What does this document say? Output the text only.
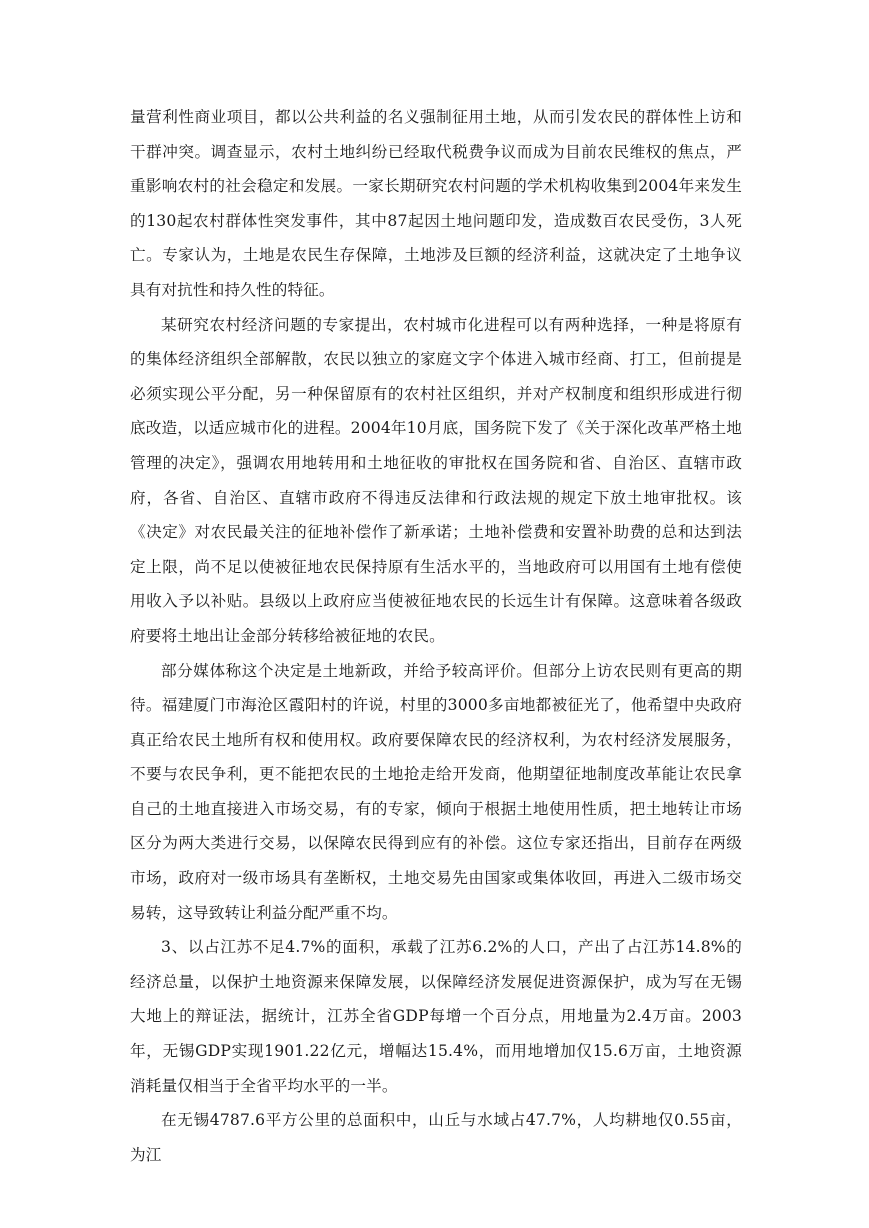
量营利性商业项目，都以公共利益的名义强制征用土地，从而引发农民的群体性上访和干群冲突。调查显示，农村土地纠纷已经取代税费争议而成为目前农民维权的焦点，严重影响农村的社会稳定和发展。一家长期研究农村问题的学术机构收集到2004年来发生的130起农村群体性突发事件，其中87起因土地问题印发，造成数百农民受伤，3人死亡。专家认为，土地是农民生存保障，土地涉及巨额的经济利益，这就决定了土地争议具有对抗性和持久性的特征。

某研究农村经济问题的专家提出，农村城市化进程可以有两种选择，一种是将原有的集体经济组织全部解散，农民以独立的家庭文字个体进入城市经商、打工，但前提是必须实现公平分配，另一种保留原有的农村社区组织，并对产权制度和组织形成进行彻底改造，以适应城市化的进程。2004年10月底，国务院下发了《关于深化改革严格土地管理的决定》，强调农用地转用和土地征收的审批权在国务院和省、自治区、直辖市政府，各省、自治区、直辖市政府不得违反法律和行政法规的规定下放土地审批权。该《决定》对农民最关注的征地补偿作了新承诺；土地补偿费和安置补助费的总和达到法定上限，尚不足以使被征地农民保持原有生活水平的，当地政府可以用国有土地有偿使用收入予以补贴。县级以上政府应当使被征地农民的长远生计有保障。这意味着各级政府要将土地出让金部分转移给被征地的农民。

部分媒体称这个决定是土地新政，并给予较高评价。但部分上访农民则有更高的期待。福建厦门市海沧区霞阳村的许说，村里的3000多亩地都被征光了，他希望中央政府真正给农民土地所有权和使用权。政府要保障农民的经济权利，为农村经济发展服务，不要与农民争利，更不能把农民的土地抢走给开发商，他期望征地制度改革能让农民拿自己的土地直接进入市场交易，有的专家，倾向于根据土地使用性质，把土地转让市场区分为两大类进行交易，以保障农民得到应有的补偿。这位专家还指出，目前存在两级市场，政府对一级市场具有垄断权，土地交易先由国家或集体收回，再进入二级市场交易转，这导致转让利益分配严重不均。

3、以占江苏不足4.7%的面积，承载了江苏6.2%的人口，产出了占江苏14.8%的经济总量，以保护土地资源来保障发展，以保障经济发展促进资源保护，成为写在无锡大地上的辩证法，据统计，江苏全省GDP每增一个百分点，用地量为2.4万亩。2003年，无锡GDP实现1901.22亿元，增幅达15.4%，而用地增加仅15.6万亩，土地资源消耗量仅相当于全省平均水平的一半。

在无锡4787.6平方公里的总面积中，山丘与水域占47.7%，人均耕地仅0.55亩，为江
